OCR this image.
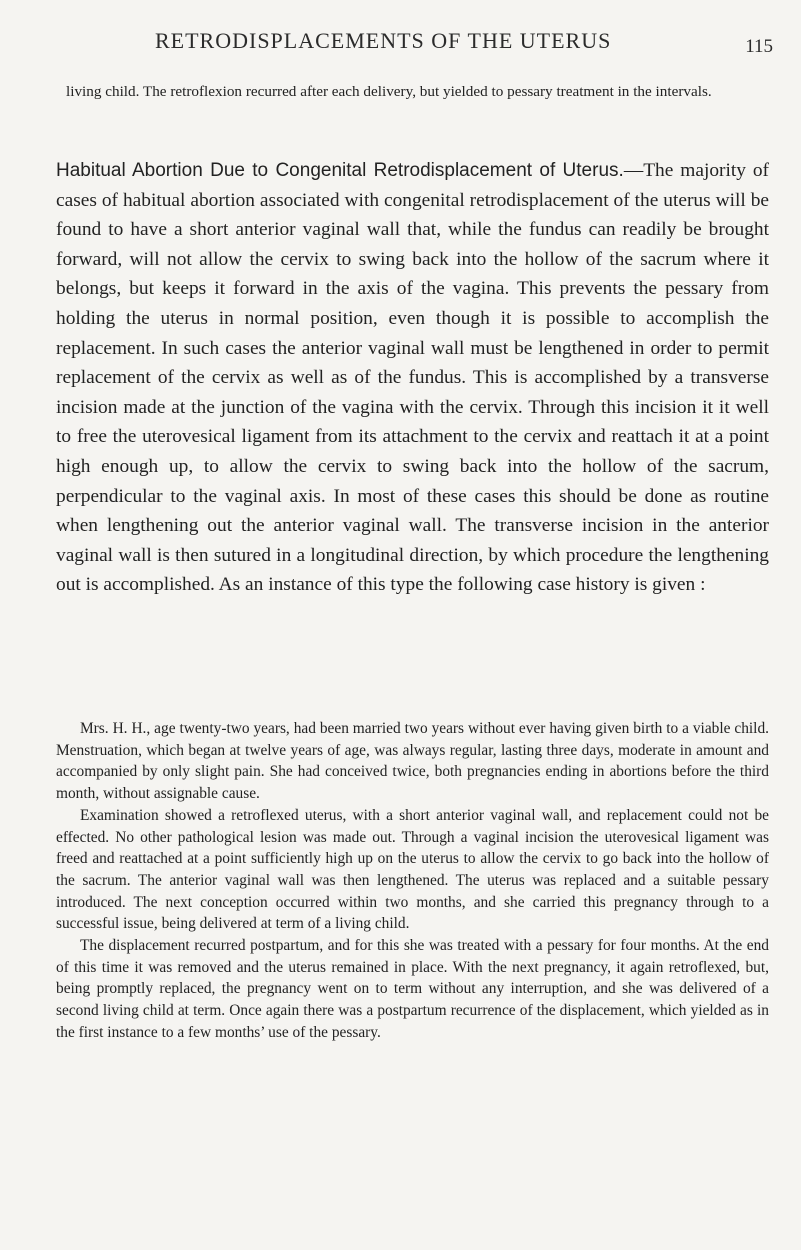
RETRODISPLACEMENTS OF THE UTERUS	115
living child. The retroflexion recurred after each delivery, but yielded to pessary treatment in the intervals.

Habitual Abortion Due to Congenital Retrodisplacement of Uterus.—The majority of cases of habitual abortion associated with congenital retrodisplacement of the uterus will be found to have a short anterior vaginal wall that, while the fundus can readily be brought forward, will not allow the cervix to swing back into the hollow of the sacrum where it belongs, but keeps it forward in the axis of the vagina. This prevents the pessary from holding the uterus in normal position, even though it is possible to accomplish the replacement. In such cases the anterior vaginal wall must be lengthened in order to permit replacement of the cervix as well as of the fundus. This is accomplished by a transverse incision made at the junction of the vagina with the cervix. Through this incision it it well to free the uterovesical ligament from its attachment to the cervix and reattach it at a point high enough up, to allow the cervix to swing back into the hollow of the sacrum, perpendicular to the vaginal axis. In most of these cases this should be done as routine when lengthening out the anterior vaginal wall. The transverse incision in the anterior vaginal wall is then sutured in a longitudinal direction, by which procedure the lengthening out is accomplished. As an instance of this type the following case history is given :

Mrs. H. H., age twenty-two years, had been married two years without ever having given birth to a viable child. Menstruation, which began at twelve years of age, was always regular, lasting three days, moderate in amount and accompanied by only slight pain. She had conceived twice, both pregnancies ending in abortions before the third month, without assignable cause.

Examination showed a retroflexed uterus, with a short anterior vaginal wall, and replacement could not be effected. No other pathological lesion was made out. Through a vaginal incision the uterovesical ligament was freed and reattached at a point sufficiently high up on the uterus to allow the cervix to go back into the hollow of the sacrum. The anterior vaginal wall was then lengthened. The uterus was replaced and a suitable pessary introduced. The next conception occurred within two months, and she carried this pregnancy through to a successful issue, being delivered at term of a living child.

The displacement recurred postpartum, and for this she was treated with a pessary for four months. At the end of this time it was removed and the uterus remained in place. With the next pregnancy, it again retroflexed, but, being promptly replaced, the pregnancy went on to term without any interruption, and she was delivered of a second living child at term. Once again there was a postpartum recurrence of the displacement, which yielded as in the first instance to a few months’ use of the pessary.
